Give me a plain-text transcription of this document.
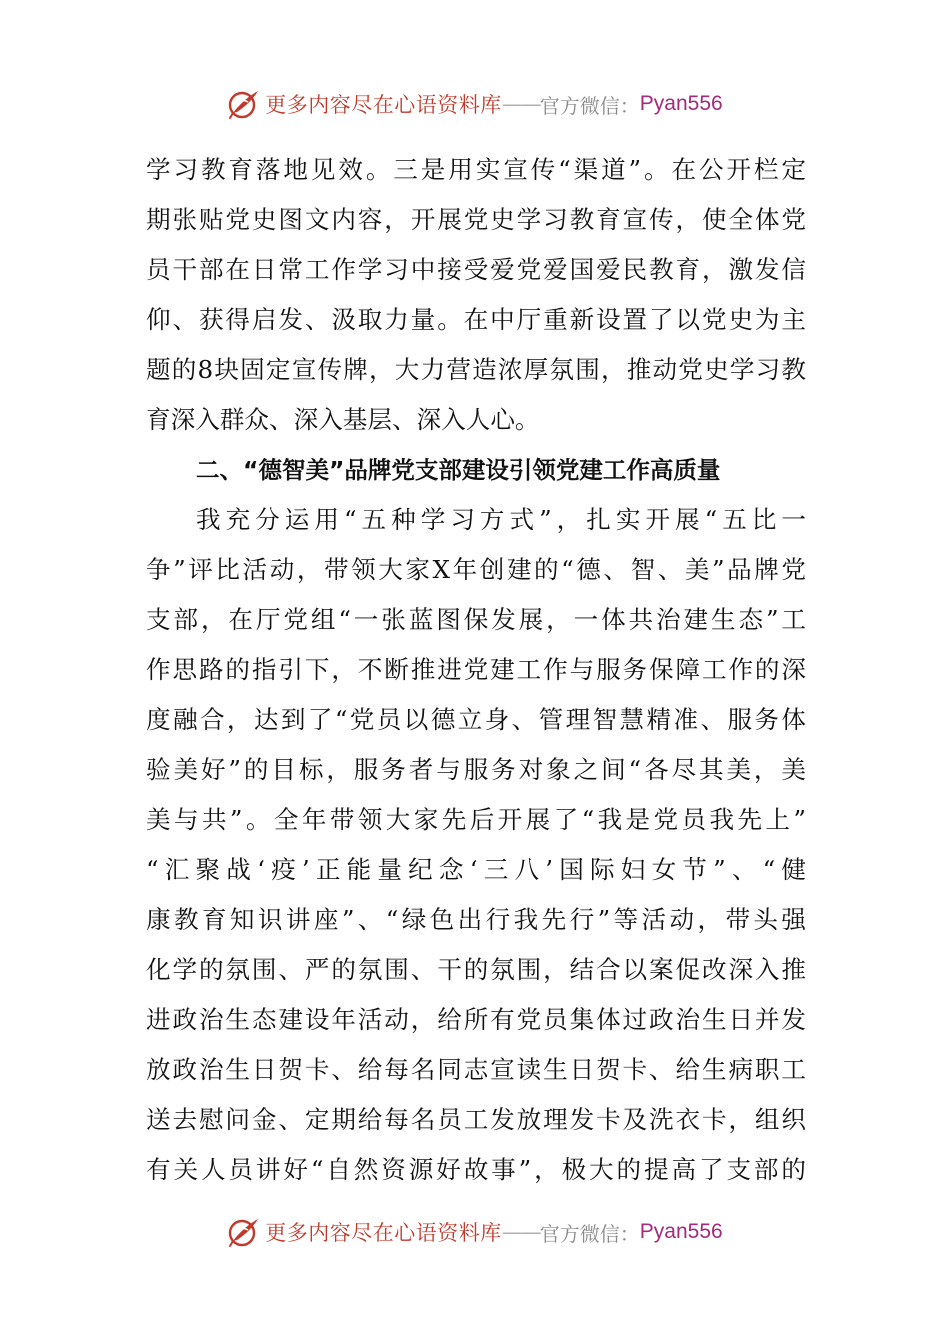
更多内容尽在心语资料库 —— 官方微信： Pyan556
学习教育落地见效。三是用实宣传“渠道”。在公开栏定
期张贴党史图文内容，开展党史学习教育宣传，使全体党
员干部在日常工作学习中接受爱党爱国爱民教育，激发信
仰、获得启发、汲取力量。在中厅重新设置了以党史为主
题的8块固定宣传牌，大力营造浓厚氛围，推动党史学习教
育深入群众、深入基层、深入人心。
二、“德智美”品牌党支部建设引领党建工作高质量
我充分运用“五种学习方式”，扎实开展“五比一
争”评比活动，带领大家X年创建的“德、智、美”品牌党
支部，在厅党组“一张蓝图保发展，一体共治建生态”工
作思路的指引下，不断推进党建工作与服务保障工作的深
度融合，达到了“党员以德立身、管理智慧精准、服务体
验美好”的目标，服务者与服务对象之间“各尽其美，美
美与共”。全年带领大家先后开展了“我是党员我先上”
“汇聚战‘疫’正能量纪念‘三八’国际妇女节”、“健
康教育知识讲座”、“绿色出行我先行”等活动，带头强
化学的氛围、严的氛围、干的氛围，结合以案促改深入推
进政治生态建设年活动，给所有党员集体过政治生日并发
放政治生日贺卡、给每名同志宣读生日贺卡、给生病职工
送去慰问金、定期给每名员工发放理发卡及洗衣卡，组织
有关人员讲好“自然资源好故事”，极大的提高了支部的
更多内容尽在心语资料库 —— 官方微信： Pyan556
